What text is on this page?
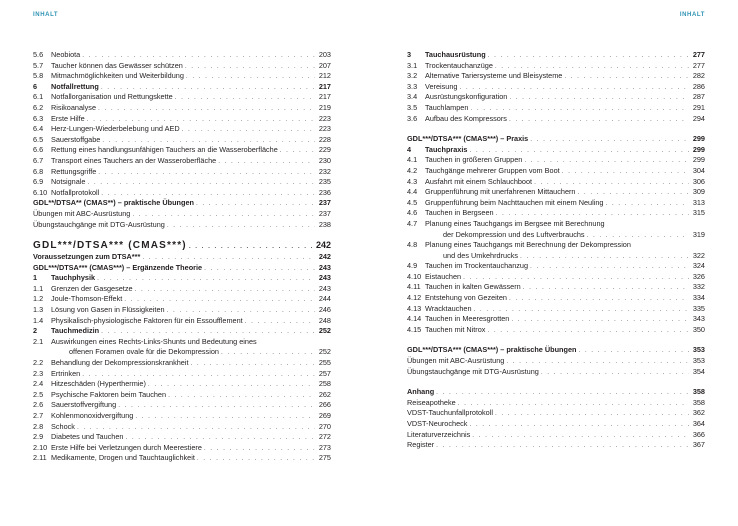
INHALT	INHALT
5.6	Neobiota . . .	203
5.7	Taucher können das Gewässer schützen . . .	207
5.8	Mitmachmöglichkeiten und Weiterbildung . . .	212
6	Notfallrettung . . .	217
6.1	Notfallorganisation und Rettungskette . . .	217
6.2	Risikoanalyse . . .	219
6.3	Erste Hilfe . . .	223
6.4	Herz-Lungen-Wiederbelebung und AED . . .	223
6.5	Sauerstoffgabe . . .	228
6.6	Rettung eines handlungsunfähigen Tauchers an die Wasseroberfläche . . .	229
6.7	Transport eines Tauchers an der Wasseroberfläche . . .	230
6.8	Rettungsgriffe . . .	232
6.9	Notsignale . . .	235
6.10 Notfallprotokoll . . .	236
GDL**/DTSA** (CMAS**) – praktische Übungen . . .	237
Übungen mit ABC-Ausrüstung . . .	237
Übungstauchgänge mit DTG-Ausrüstung . . .	238
GDL***/DTSA*** (CMAS***) . . .	242
Voraussetzungen zum DTSA*** . . .	242
GDL***/DTSA*** (CMAS***) – Ergänzende Theorie . . .	243
1	Tauchphysik . . .	243
1.1	Grenzen der Gasgesetze . . .	243
1.2	Joule-Thomson-Effekt . . .	244
1.3	Lösung von Gasen in Flüssigkeiten . . .	246
1.4	Physikalisch-physiologische Faktoren für ein Essoufflement . . .	248
2	Tauchmedizin . . .	252
2.1	Auswirkungen eines Rechts-Links-Shunts und Bedeutung eines
offenen Foramen ovale für die Dekompression . . .	252
2.2	Behandlung der Dekompressionskrankheit . . .	255
2.3	Ertrinken . . .	257
2.4	Hitzeschäden (Hyperthermie) . . .	258
2.5	Psychische Faktoren beim Tauchen . . .	262
2.6	Sauerstoffvergiftung . . .	266
2.7	Kohlenmonoxidvergiftung . . .	269
2.8	Schock . . .	270
2.9	Diabetes und Tauchen . . .	272
2.10 Erste Hilfe bei Verletzungen durch Meerestiere . . .	273
2.11 Medikamente, Drogen und Tauchtauglichkeit . . .	275
3	Tauchausrüstung . . .	277
3.1	Trockentauchanzüge . . .	277
3.2	Alternative Tariersysteme und Bleisysteme . . .	282
3.3	Vereisung . . .	286
3.4	Ausrüstungskonfiguration . . .	287
3.5	Tauchlampen . . .	291
3.6	Aufbau des Kompressors . . .	294
GDL***/DTSA*** (CMAS***) – Praxis . . .	299
4	Tauchpraxis . . .	299
4.1	Tauchen in größeren Gruppen . . .	299
4.2	Tauchgänge mehrerer Gruppen vom Boot . . .	304
4.3	Ausfahrt mit einem Schlauchboot . . .	306
4.4	Gruppenführung mit unerfahrenen Mittauchern . . .	309
4.5	Gruppenführung beim Nachttauchen mit einem Neuling . . .	313
4.6	Tauchen in Bergseen . . .	315
4.7	Planung eines Tauchgangs im Bergsee mit Berechnung
der Dekompression und des Luftverbrauchs . . .	319
4.8	Planung eines Tauchgangs mit Berechnung der Dekompression
und des Umkehrdrucks . . .	322
4.9	Tauchen im Trockentauchanzug . . .	324
4.10 Eistauchen . . .	326
4.11 Tauchen in kalten Gewässern . . .	332
4.12 Entstehung von Gezeiten . . .	334
4.13 Wracktauchen . . .	335
4.14 Tauchen in Meeresgrotten . . .	343
4.15 Tauchen mit Nitrox . . .	350
GDL***/DTSA*** (CMAS***) – praktische Übungen . . .	353
Übungen mit ABC-Ausrüstung . . .	353
Übungstauchgänge mit DTG-Ausrüstung . . .	354
Anhang . . .	358
Reiseapotheke . . .	358
VDST-Tauchunfallprotokoll . . .	362
VDST-Neurocheck . . .	364
Literaturverzeichnis . . .	366
Register . . .	367
